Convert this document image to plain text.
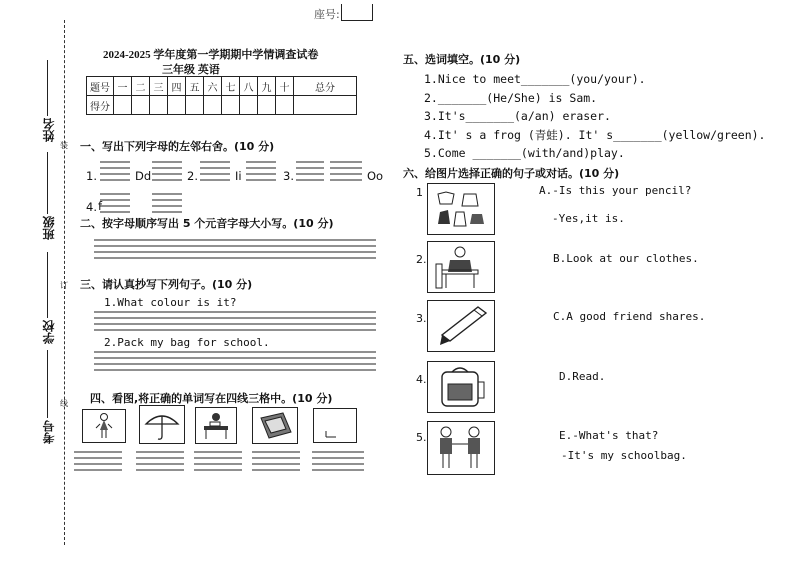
座号:
姓名
班级
学校
考号
装
订
线
2024-2025 学年度第一学期期中学情调查试卷
三年级 英语
题号	一	二	三	四	五	六	七	八	九	十	总分
得分											
一、写出下列字母的左邻右舍。(10 分)
1.	Dd	2.	Ii	3.	Oo
4. f
二、按字母顺序写出 5 个元音字母大小写。(10 分)
三、请认真抄写下列句子。(10 分)
1.What colour is it?
2.Pack my bag for school.
四、看图,将正确的单词写在四线三格中。(10 分)
五、选词填空。(10 分)
1.Nice to meet_______(you/your).
2._______(He/She) is Sam.
3.It's_______(a/an) eraser.
4.It' s a frog (青蛙). It' s_______(yellow/green).
5.Come _______(with/and)play.
六、给图片选择正确的句子或对话。(10 分)
1
2.
3.
4.
5.
A.-Is this your pencil?
-Yes,it is.
B.Look at our clothes.
C.A good friend shares.
D.Read.
E.-What's that?
-It's my schoolbag.
